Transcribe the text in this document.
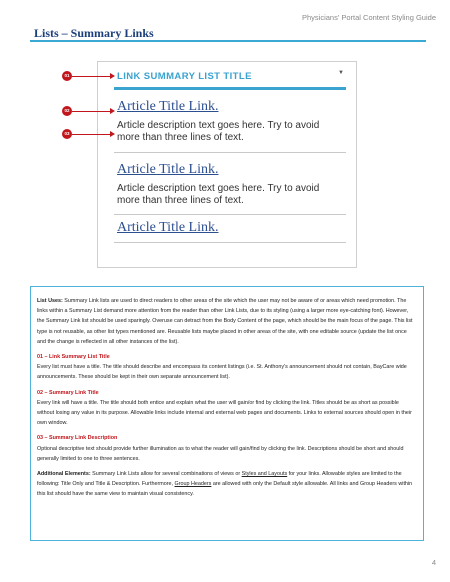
Physicians' Portal Content Styling Guide
Lists – Summary Links
LINK SUMMARY LIST TITLE	▼
Article Title Link.
Article description text goes here. Try to avoid more than three lines of text.
Article Title Link.
Article description text goes here. Try to avoid more than three lines of text.
Article Title Link.
01
02
03

List Uses: Summary Link lists are used to direct readers to other areas of the site which the user may not be aware of or areas which need promotion. The links within a Summary List demand more attention from the reader than other Link Lists, due to its styling (using a larger more eye-catching font). However, the Summary Link list should be used sparingly. Overuse can detract from the Body Content of the page, which should be the main focus of the page. This list type is not reusable, as other list types mentioned are. Reusable lists maybe placed in other areas of the site, with one editable source (update the list once and the change is reflected in all other instances of the list).

01 – Link Summary List Title
Every list must have a title. The title should describe and encompass its content listings (i.e. St. Anthony's announcement should not contain, BayCare wide announcements. These should be kept in their own separate announcement list).

02 – Summary Link Title
Every link will have a title. The title should both entice and explain what the user will gain/or find by clicking the link. Titles should be as short as possible without losing any value in its purpose. Allowable links include internal and external web pages and documents. Links to external sources should open in their own window.

03 – Summary Link Description
Optional descriptive text should provide further illumination as to what the reader will gain/find by clicking the link. Descriptions should be short and should generally limited to one to three sentences.

Additional Elements: Summary Link Lists allow for several combinations of views or Styles and Layouts for your links. Allowable styles are limited to the following: Title Only and Title & Description. Furthermore, Group Headers are allowed with only the Default style allowable. All links and Group Headers within this list should have the same view to maintain visual consistency.

4
